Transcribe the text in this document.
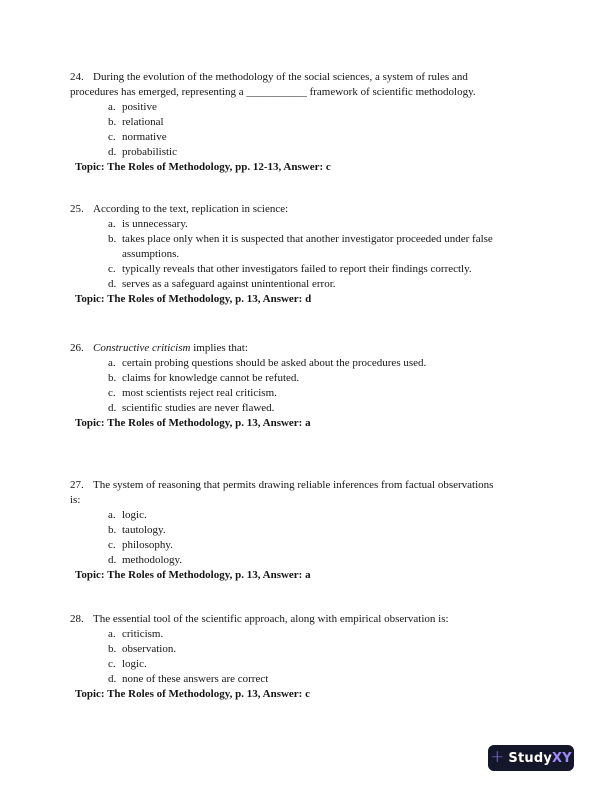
24. During the evolution of the methodology of the social sciences, a system of rules and
procedures has emerged, representing a ___________ framework of scientific methodology.
a. positive
b. relational
c. normative
d. probabilistic
Topic: The Roles of Methodology, pp. 12-13, Answer: c
25. According to the text, replication in science:
a. is unnecessary.
b. takes place only when it is suspected that another investigator proceeded under false
assumptions.
c. typically reveals that other investigators failed to report their findings correctly.
d. serves as a safeguard against unintentional error.
Topic: The Roles of Methodology, p. 13, Answer: d
26. Constructive criticism implies that:
a. certain probing questions should be asked about the procedures used.
b. claims for knowledge cannot be refuted.
c. most scientists reject real criticism.
d. scientific studies are never flawed.
Topic: The Roles of Methodology, p. 13, Answer: a
27. The system of reasoning that permits drawing reliable inferences from factual observations
is:
a. logic.
b. tautology.
c. philosophy.
d. methodology.
Topic: The Roles of Methodology, p. 13, Answer: a
28. The essential tool of the scientific approach, along with empirical observation is:
a. criticism.
b. observation.
c. logic.
d. none of these answers are correct
Topic: The Roles of Methodology, p. 13, Answer: c
+ Study XY
